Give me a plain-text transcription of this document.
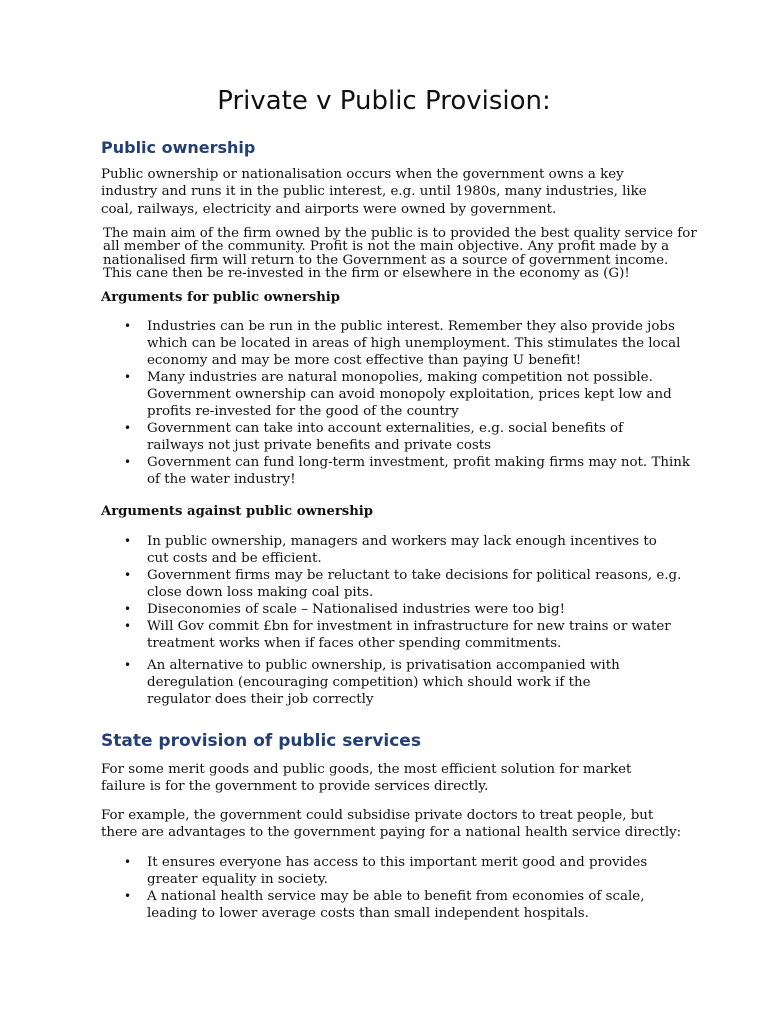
Private v Public Provision:
Public ownership
Public ownership or nationalisation occurs when the government owns a key
industry and runs it in the public interest, e.g. until 1980s, many industries, like
coal, railways, electricity and airports were owned by government.
The main aim of the firm owned by the public is to provided the best quality service for
all member of the community. Profit is not the main objective. Any profit made by a
nationalised firm will return to the Government as a source of government income.
This cane then be re-invested in the firm or elsewhere in the economy as (G)!
Arguments for public ownership
• Industries can be run in the public interest. Remember they also provide jobs
which can be located in areas of high unemployment. This stimulates the local
economy and may be more cost effective than paying U benefit!
• Many industries are natural monopolies, making competition not possible.
Government ownership can avoid monopoly exploitation, prices kept low and
profits re-invested for the good of the country
• Government can take into account externalities, e.g. social benefits of
railways not just private benefits and private costs
• Government can fund long-term investment, profit making firms may not. Think
of the water industry!
Arguments against public ownership
• In public ownership, managers and workers may lack enough incentives to
cut costs and be efficient.
• Government firms may be reluctant to take decisions for political reasons, e.g.
close down loss making coal pits.
• Diseconomies of scale – Nationalised industries were too big!
• Will Gov commit £bn for investment in infrastructure for new trains or water
treatment works when if faces other spending commitments.
• An alternative to public ownership, is privatisation accompanied with
deregulation (encouraging competition) which should work if the
regulator does their job correctly
State provision of public services
For some merit goods and public goods, the most efficient solution for market
failure is for the government to provide services directly.
For example, the government could subsidise private doctors to treat people, but
there are advantages to the government paying for a national health service directly:
• It ensures everyone has access to this important merit good and provides
greater equality in society.
• A national health service may be able to benefit from economies of scale,
leading to lower average costs than small independent hospitals.
